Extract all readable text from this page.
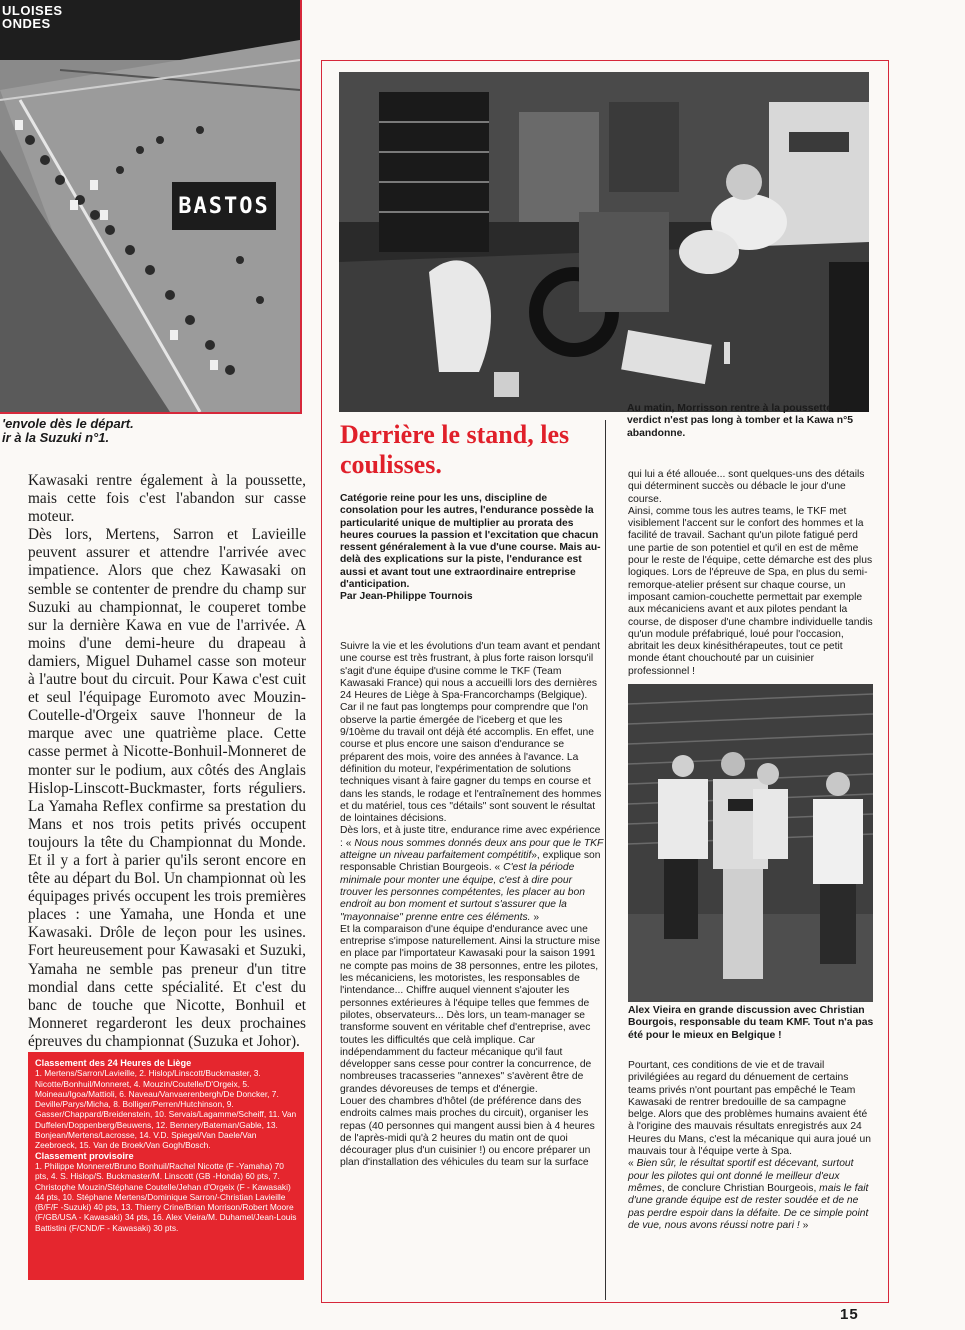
ULOISES
ONDES
BASTOS
'envole dès le départ.
ir à la Suzuki n°1.

Kawasaki rentre également à la poussette, mais cette fois c'est l'abandon sur casse moteur.

Dès lors, Mertens, Sarron et Lavieille peuvent assurer et attendre l'arrivée avec impatience. Alors que chez Kawasaki on semble se contenter de prendre du champ sur Suzuki au championnat, le couperet tombe sur la dernière Kawa en vue de l'arrivée. A moins d'une demi-heure du drapeau à damiers, Miguel Duhamel casse son moteur à l'autre bout du circuit. Pour Kawa c'est cuit et seul l'équipage Euromoto avec Mouzin-Coutelle-d'Orgeix sauve l'honneur de la marque avec une quatrième place. Cette casse permet à Nicotte-Bonhuil-Monneret de monter sur le podium, aux côtés des Anglais Hislop-Linscott-Buckmaster, forts réguliers. La Yamaha Reflex confirme sa prestation du Mans et nos trois petits privés occupent toujours la tête du Championnat du Monde. Et il y a fort à parier qu'ils seront encore en tête au départ du Bol. Un championnat où les équipages privés occupent les trois premières places : une Yamaha, une Honda et une Kawasaki. Drôle de leçon pour les usines. Fort heureusement pour Kawasaki et Suzuki, Yamaha ne semble pas preneur d'un titre mondial dans cette spécialité. Et c'est du banc de touche que Nicotte, Bonhuil et Monneret regarderont les deux prochaines épreuves du championnat (Suzuka et Johor).

Classement des 24 Heures de Liège

1. Mertens/Sarron/Lavieille, 2. Hislop/Linscott/Buckmaster, 3. Nicotte/Bonhuil/Monneret, 4. Mouzin/Coutelle/D'Orgeix, 5. Moineau/Igoa/Mattioli, 6. Naveau/Vanvaerenbergh/De Doncker, 7. Deville/Parys/Micha, 8. Bolliger/Perren/Hutchinson, 9. Gasser/Chappard/Breidenstein, 10. Servais/Lagamme/Scheiff, 11. Van Duffelen/Doppenberg/Beuwens, 12. Bennery/Bateman/Gable, 13. Bonjean/Mertens/Lacrosse, 14. V.D. Spiegel/Van Daele/Van Zeebroeck, 15. Van de Broek/Van Gogh/Bosch.

Classement provisoire

1. Philippe Monneret/Bruno Bonhuil/Rachel Nicotte (F -Yamaha) 70 pts, 4. S. Hislop/S. Buckmaster/M. Linscott (GB -Honda) 60 pts, 7. Christophe Mouzin/Stéphane Coutelle/Jehan d'Orgeix (F - Kawasaki) 44 pts, 10. Stéphane Mertens/Dominique Sarron/-Christian Lavieille (B/F/F -Suzuki) 40 pts, 13. Thierry Crine/Brian Morrison/Robert Moore (F/GB/USA - Kawasaki) 34 pts, 16. Alex Vieira/M. Duhamel/Jean-Louis Battistini (F/CND/F - Kawasaki) 30 pts.

Au matin, Morrisson rentre à la poussette. Le verdict n'est pas long à tomber et la Kawa n°5 abandonne.
Derrière le stand, les coulisses.

Catégorie reine pour les uns, discipline de consolation pour les autres, l'endurance possède la particularité unique de multiplier au prorata des heures courues la passion et l'excitation que chacun ressent généralement à la vue d'une course. Mais au-delà des explications sur la piste, l'endurance est aussi et avant tout une extraordinaire entreprise d'anticipation.

Par Jean-Philippe Tournois

Suivre la vie et les évolutions d'un team avant et pendant une course est très frustrant, à plus forte raison lorsqu'il s'agit d'une équipe d'usine comme le TKF (Team Kawasaki France) qui nous a accueilli lors des dernières 24 Heures de Liège à Spa-Francorchamps (Belgique).

Car il ne faut pas longtemps pour comprendre que l'on observe la partie émergée de l'iceberg et que les 9/10ème du travail ont déjà été accomplis. En effet, une course et plus encore une saison d'endurance se préparent des mois, voire des années à l'avance. La définition du moteur, l'expérimentation de solutions techniques visant à faire gagner du temps en course et dans les stands, le rodage et l'entraînement des hommes et du matériel, tous ces "détails" sont souvent le résultat de lointaines décisions.

Dès lors, et à juste titre, endurance rime avec expérience : « Nous nous sommes donnés deux ans pour que le TKF atteigne un niveau parfaitement compétitif», explique son responsable Christian Bourgeois. « C'est la période minimale pour monter une équipe, c'est à dire pour trouver les personnes compétentes, les placer au bon endroit au bon moment et surtout s'assurer que la "mayonnaise" prenne entre ces éléments. »

Et la comparaison d'une équipe d'endurance avec une entreprise s'impose naturellement. Ainsi la structure mise en place par l'importateur Kawasaki pour la saison 1991 ne compte pas moins de 38 personnes, entre les pilotes, les mécaniciens, les motoristes, les responsables de l'intendance... Chiffre auquel viennent s'ajouter les personnes extérieures à l'équipe telles que femmes de pilotes, observateurs... Dès lors, un team-manager se transforme souvent en véritable chef d'entreprise, avec toutes les difficultés que celà implique. Car indépendamment du facteur mécanique qu'il faut développer sans cesse pour contrer la concurrence, de nombreuses tracasseries "annexes" s'avèrent être de grandes dévoreuses de temps et d'énergie.

Louer des chambres d'hôtel (de préférence dans des endroits calmes mais proches du circuit), organiser les repas (40 personnes qui mangent aussi bien à 4 heures de l'après-midi qu'à 2 heures du matin ont de quoi décourager plus d'un cuisinier !) ou encore préparer un plan d'installation des véhicules du team sur la surface

qui lui a été allouée... sont quelques-uns des détails qui déterminent succès ou débacle le jour d'une course.

Ainsi, comme tous les autres teams, le TKF met visiblement l'accent sur le confort des hommes et la facilité de travail. Sachant qu'un pilote fatigué perd une partie de son potentiel et qu'il en est de même pour le reste de l'équipe, cette démarche est des plus logiques. Lors de l'épreuve de Spa, en plus du semi-remorque-atelier présent sur chaque course, un imposant camion-couchette permettait par exemple aux mécaniciens avant et aux pilotes pendant la course, de disposer d'une chambre individuelle tandis qu'un module préfabriqué, loué pour l'occasion, abritait les deux kinésithérapeutes, tout ce petit monde étant chouchouté par un cuisinier professionnel !

Alex Vieira en grande discussion avec Christian Bourgois, responsable du team KMF. Tout n'a pas été pour le mieux en Belgique !

Pourtant, ces conditions de vie et de travail privilégiées au regard du dénuement de certains teams privés n'ont pourtant pas empêché le Team Kawasaki de rentrer bredouille de sa campagne belge. Alors que des problèmes humains avaient été à l'origine des mauvais résultats enregistrés aux 24 Heures du Mans, c'est la mécanique qui aura joué un mauvais tour à l'équipe verte à Spa.

« Bien sûr, le résultat sportif est décevant, surtout pour les pilotes qui ont donné le meilleur d'eux mêmes, de conclure Christian Bourgeois, mais le fait d'une grande équipe est de rester soudée et de ne pas perdre espoir dans la défaite. De ce simple point de vue, nous avons réussi notre pari ! »

15
